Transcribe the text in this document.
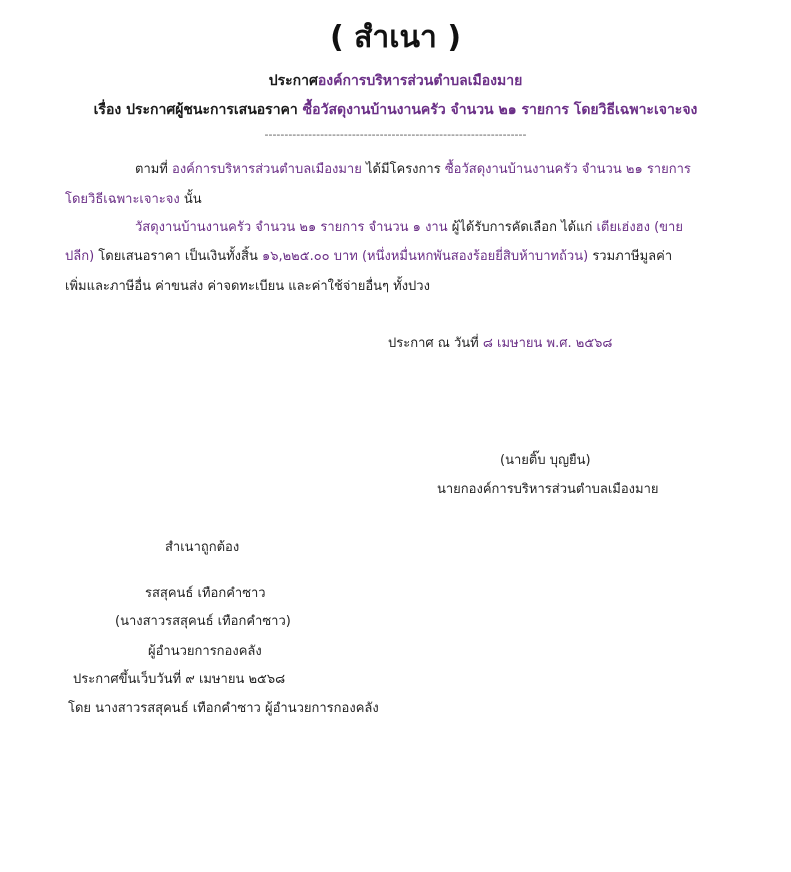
( สำเนา )
ประกาศองค์การบริหารส่วนตำบลเมืองมาย
เรื่อง ประกาศผู้ชนะการเสนอราคา ซื้อวัสดุงานบ้านงานครัว จำนวน ๒๑ รายการ โดยวิธีเฉพาะเจาะจง
------------------------------------------------------------------
ตามที่ องค์การบริหารส่วนตำบลเมืองมาย ได้มีโครงการ ซื้อวัสดุงานบ้านงานครัว จำนวน ๒๑ รายการ
โดยวิธีเฉพาะเจาะจง นั้น
วัสดุงานบ้านงานครัว จำนวน ๒๑ รายการ จำนวน ๑ งาน ผู้ได้รับการคัดเลือก ได้แก่ เตียเฮ่งฮง (ขาย
ปลีก) โดยเสนอราคา เป็นเงินทั้งสิ้น ๑๖,๒๒๕.๐๐ บาท (หนึ่งหมื่นหกพันสองร้อยยี่สิบห้าบาทถ้วน) รวมภาษีมูลค่า
เพิ่มและภาษีอื่น ค่าขนส่ง ค่าจดทะเบียน และค่าใช้จ่ายอื่นๆ ทั้งปวง
ประกาศ ณ วันที่ ๘ เมษายน พ.ศ. ๒๕๖๘
(นายติ๊บ บุญยืน)
นายกองค์การบริหารส่วนตำบลเมืองมาย
สำเนาถูกต้อง
รสสุคนธ์ เทือกคำซาว
(นางสาวรสสุคนธ์ เทือกคำซาว)
ผู้อำนวยการกองคลัง
ประกาศขึ้นเว็บวันที่ ๙ เมษายน ๒๕๖๘
โดย นางสาวรสสุคนธ์ เทือกคำซาว ผู้อำนวยการกองคลัง
